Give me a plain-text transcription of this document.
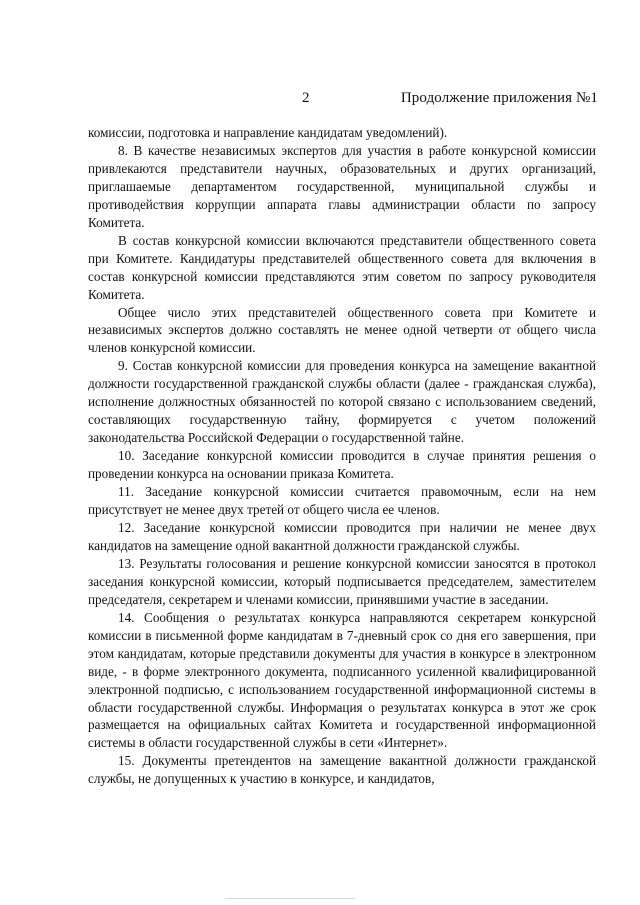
2	Продолжение приложения №1

комиссии, подготовка и направление кандидатам уведомлений).

8. В качестве независимых экспертов для участия в работе конкурсной комиссии привлекаются представители научных, образовательных и других организаций, приглашаемые департаментом государственной, муниципальной службы и противодействия коррупции аппарата главы администрации области по запросу Комитета.

В состав конкурсной комиссии включаются представители общественного совета при Комитете. Кандидатуры представителей общественного совета для включения в состав конкурсной комиссии представляются этим советом по запросу руководителя Комитета.

Общее число этих представителей общественного совета при Комитете и независимых экспертов должно составлять не менее одной четверти от общего числа членов конкурсной комиссии.

9. Состав конкурсной комиссии для проведения конкурса на замещение вакантной должности государственной гражданской службы области (далее - гражданская служба), исполнение должностных обязанностей по которой связано с использованием сведений, составляющих государственную тайну, формируется с учетом положений законодательства Российской Федерации о государственной тайне.

10. Заседание конкурсной комиссии проводится в случае принятия решения о проведении конкурса на основании приказа Комитета.

11. Заседание конкурсной комиссии считается правомочным, если на нем присутствует не менее двух третей от общего числа ее членов.

12. Заседание конкурсной комиссии проводится при наличии не менее двух кандидатов на замещение одной вакантной должности гражданской службы.

13. Результаты голосования и решение конкурсной комиссии заносятся в протокол заседания конкурсной комиссии, который подписывается председателем, заместителем председателя, секретарем и членами комиссии, принявшими участие в заседании.

14. Сообщения о результатах конкурса направляются секретарем конкурсной комиссии в письменной форме кандидатам в 7-дневный срок со дня его завершения, при этом кандидатам, которые представили документы для участия в конкурсе в электронном виде, - в форме электронного документа, подписанного усиленной квалифицированной электронной подписью, с использованием государственной информационной системы в области государственной службы. Информация о результатах конкурса в этот же срок размещается на официальных сайтах Комитета и государственной информационной системы в области государственной службы в сети «Интернет».

15. Документы претендентов на замещение вакантной должности гражданской службы, не допущенных к участию в конкурсе, и кандидатов,
